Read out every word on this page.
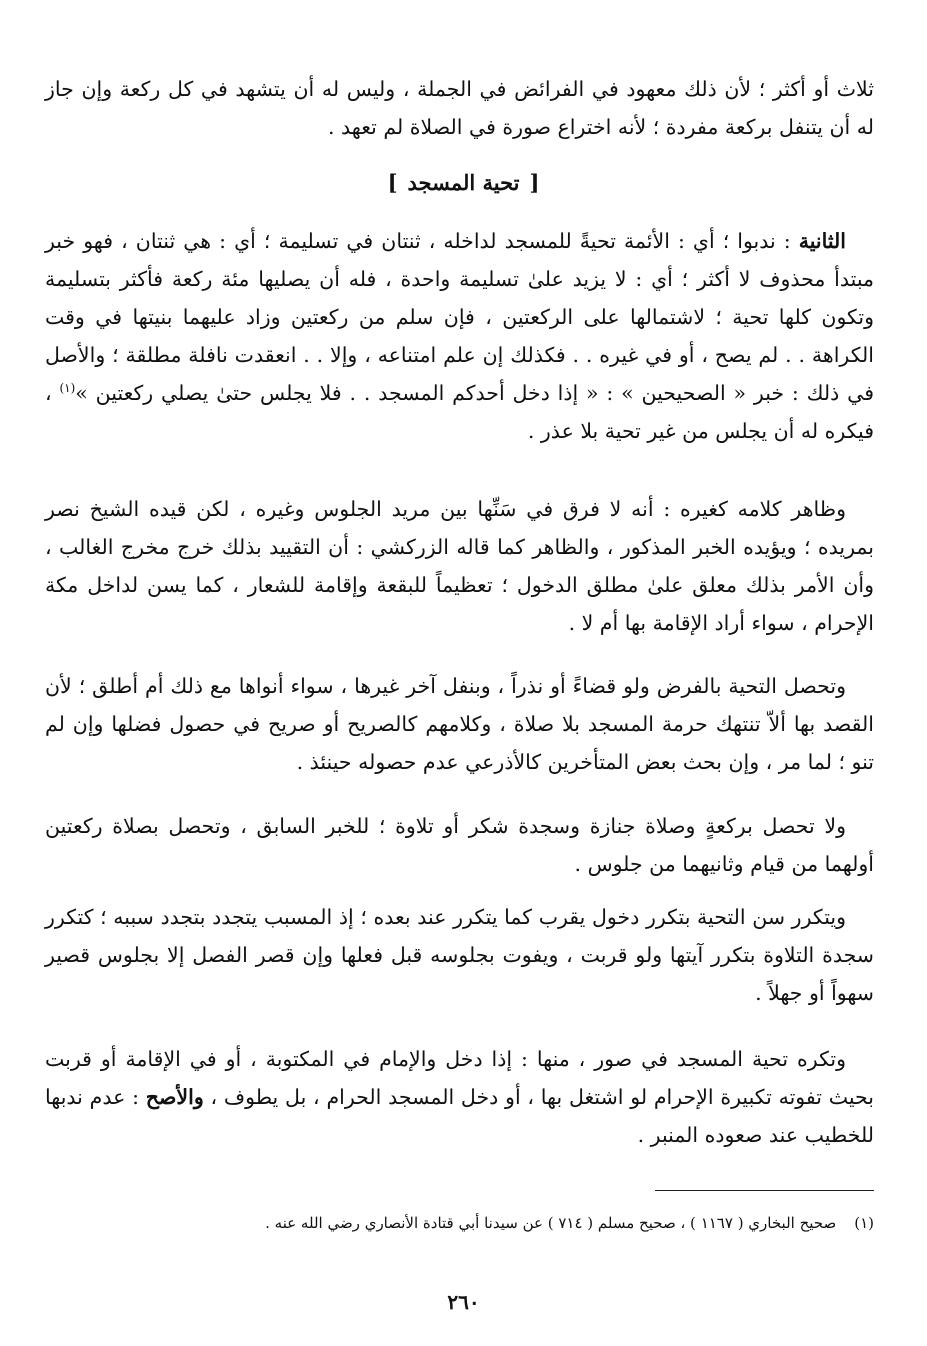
ثلاث أو أكثر ؛ لأن ذلك معهود في الفرائض في الجملة ، وليس له أن يتشهد في كل ركعة وإن جاز له أن يتنفل بركعة مفردة ؛ لأنه اختراع صورة في الصلاة لم تعهد .

[تحية المسجد]

الثانية : ندبوا ؛ أي : الأئمة تحيةً للمسجد لداخله ، ثنتان في تسليمة ؛ أي : هي ثنتان ، فهو خبر مبتدأ محذوف لا أكثر ؛ أي : لا يزيد علىٰ تسليمة واحدة ، فله أن يصليها مئة ركعة فأكثر بتسليمة وتكون كلها تحية ؛ لاشتمالها على الركعتين ، فإن سلم من ركعتين وزاد عليهما بنيتها في وقت الكراهة . . لم يصح ، أو في غيره . . فكذلك إن علم امتناعه ، وإلا . . انعقدت نافلة مطلقة ؛ والأصل في ذلك : خبر « الصحيحين » : « إذا دخل أحدكم المسجد . . فلا يجلس حتىٰ يصلي ركعتين »$^{(١)}$ ، فيكره له أن يجلس من غير تحية بلا عذر .

وظاهر كلامه كغيره : أنه لا فرق في سَنِّها بين مريد الجلوس وغيره ، لكن قيده الشيخ نصر بمريده ؛ ويؤيده الخبر المذكور ، والظاهر كما قاله الزركشي : أن التقييد بذلك خرج مخرج الغالب ، وأن الأمر بذلك معلق علىٰ مطلق الدخول ؛ تعظيماً للبقعة وإقامة للشعار ، كما يسن لداخل مكة الإحرام ، سواء أراد الإقامة بها أم لا .

وتحصل التحية بالفرض ولو قضاءً أو نذراً ، وبنفل آخر غيرها ، سواء أنواها مع ذلك أم أطلق ؛ لأن القصد بها ألاّ تنتهك حرمة المسجد بلا صلاة ، وكلامهم كالصريح أو صريح في حصول فضلها وإن لم تنو ؛ لما مر ، وإن بحث بعض المتأخرين كالأذرعي عدم حصوله حينئذ .

ولا تحصل بركعةٍ وصلاة جنازة وسجدة شكر أو تلاوة ؛ للخبر السابق ، وتحصل بصلاة ركعتين أولهما من قيام وثانيهما من جلوس .

ويتكرر سن التحية بتكرر دخول يقرب كما يتكرر عند بعده ؛ إذ المسبب يتجدد بتجدد سببه ؛ كتكرر سجدة التلاوة بتكرر آيتها ولو قربت ، ويفوت بجلوسه قبل فعلها وإن قصر الفصل إلا بجلوس قصير سهواً أو جهلاً .

وتكره تحية المسجد في صور ، منها : إذا دخل والإمام في المكتوبة ، أو في الإقامة أو قربت بحيث تفوته تكبيرة الإحرام لو اشتغل بها ، أو دخل المسجد الحرام ، بل يطوف ، والأصح : عدم ندبها للخطيب عند صعوده المنبر .

(١)صحيح البخاري ( ١١٦٧ ) ، صحيح مسلم ( ٧١٤ ) عن سيدنا أبي قتادة الأنصاري رضي الله عنه .
٢٦٠
